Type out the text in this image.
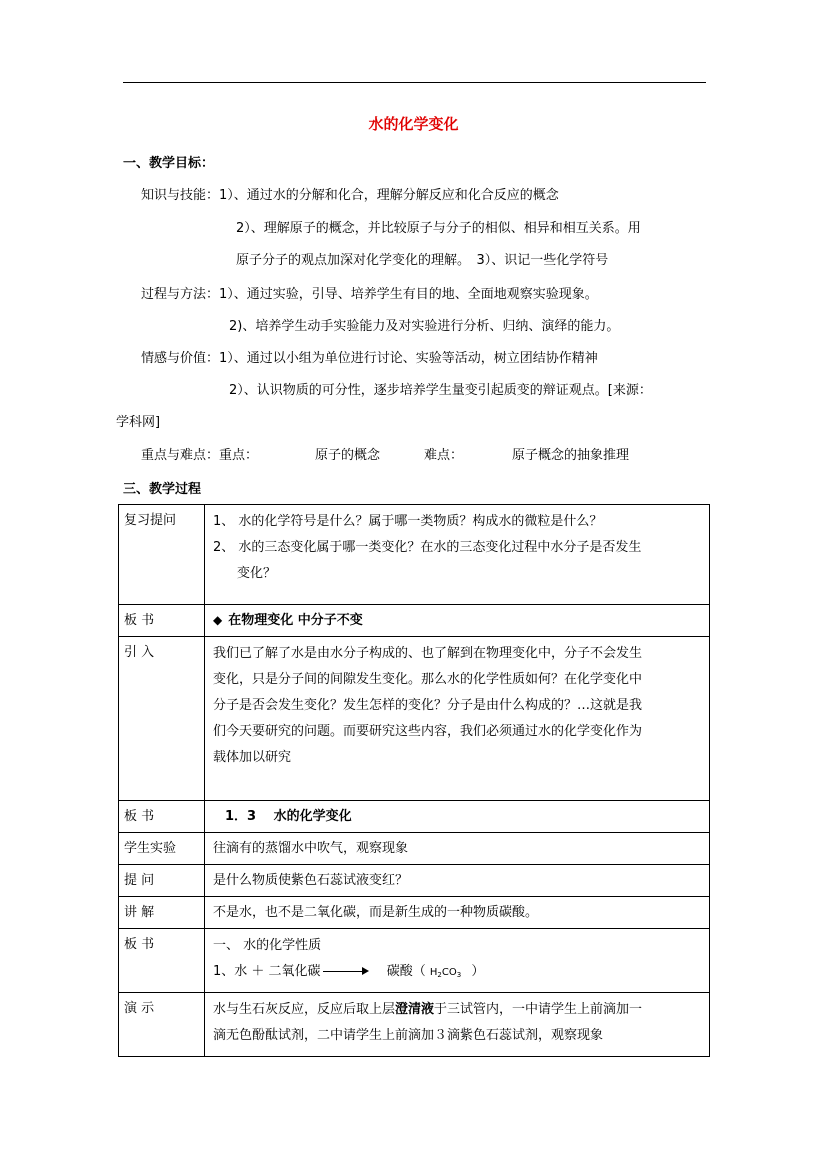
水的化学变化
一、教学目标：
知识与技能：1）、通过水的分解和化合，理解分解反应和化合反应的概念
2）、理解原子的概念，并比较原子与分子的相似、相异和相互关系。用
原子分子的观点加深对化学变化的理解。　3）、识记一些化学符号
过程与方法：1）、通过实验，引导、培养学生有目的地、全面地观察实验现象。
2)、培养学生动手实验能力及对实验进行分析、归纳、演绎的能力。
情感与价值：1）、通过以小组为单位进行讨论、实验等活动，树立团结协作精神
2）、认识物质的可分性，逐步培养学生量变引起质变的辩证观点。[来源：
学科网]
重点与难点：重点：	原子的概念	难点：	原子概念的抽象推理
三、教学过程
复习提问	1、 水的化学符号是什么？属于哪一类物质？构成水的微粒是什么？
2、 水的三态变化属于哪一类变化？在水的三态变化过程中水分子是否发生
变化？

板 书	◆ 在物理变化 中分子不变
引 入	我们已了解了水是由水分子构成的、也了解到在物理变化中，分子不会发生
变化，只是分子间的间隙发生变化。那么水的化学性质如何？在化学变化中
分子是否会发生变化？发生怎样的变化？分子是由什么构成的？…这就是我
们今天要研究的问题。而要研究这些内容，我们必须通过水的化学变化作为
载体加以研究

板 书	1．3　 水的化学变化
学生实验	往滴有的蒸馏水中吹气，观察现象
提 问	是什么物质使紫色石蕊试液变红？
讲 解	不是水，也不是二氧化碳，而是新生成的一种物质碳酸。
板 书	一、 水的化学性质
1、水 ＋ 二氧化碳 → 碳酸（ $H_2CO_3$ ）

演 示	水与生石灰反应，反应后取上层澄清液于三试管内，一中请学生上前滴加一
滴无色酚酞试剂，二中请学生上前滴加３滴紫色石蕊试剂，观察现象
